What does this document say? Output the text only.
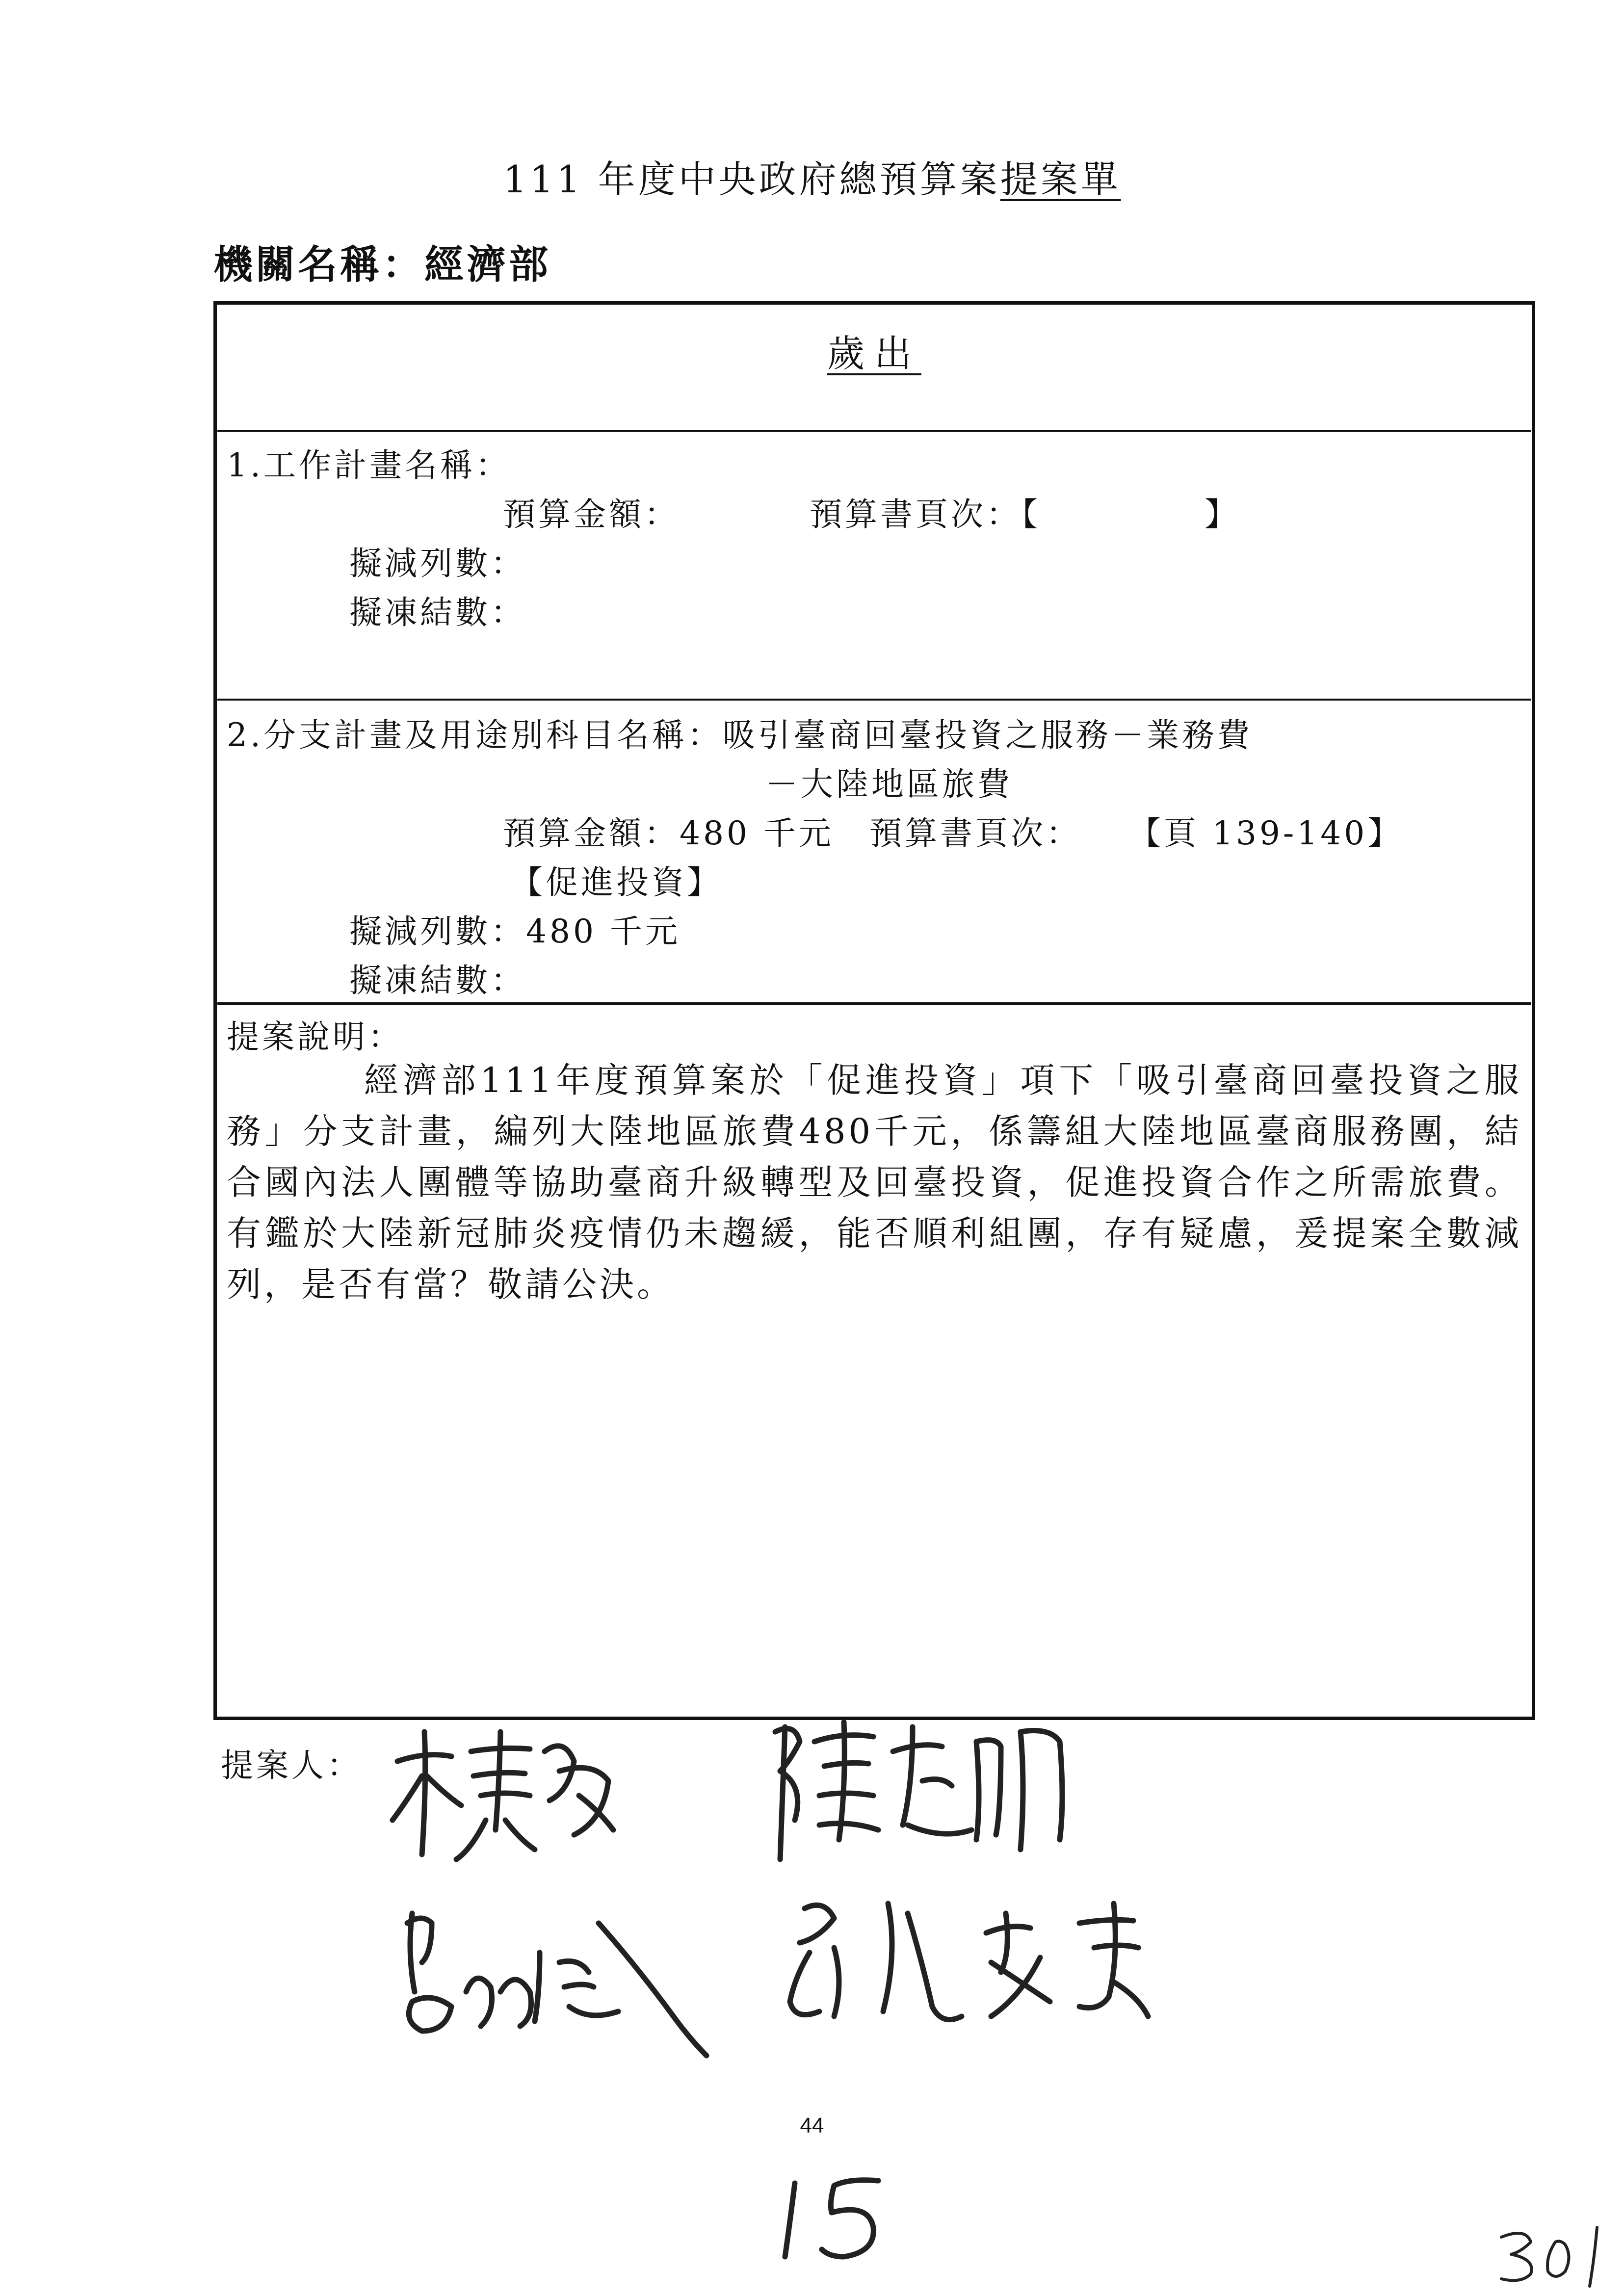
111 年度中央政府總預算案提案單
機關名稱：經濟部
歲出
1.工作計畫名稱：
預算金額：	預算書頁次：【	】
擬減列數：
擬凍結數：
2.分支計畫及用途別科目名稱：吸引臺商回臺投資之服務－業務費
－大陸地區旅費
預算金額：480 千元　預算書頁次： 【頁 139-140】
【促進投資】
擬減列數：480 千元
擬凍結數：
提案說明：
經濟部111年度預算案於「促進投資」項下「吸引臺商回臺投資之服務」分支計畫，編列大陸地區旅費480千元，係籌組大陸地區臺商服務團，結合國內法人團體等協助臺商升級轉型及回臺投資，促進投資合作之所需旅費。有鑑於大陸新冠肺炎疫情仍未趨緩，能否順利組團，存有疑慮，爰提案全數減列，是否有當？敬請公決。
提案人：
44
